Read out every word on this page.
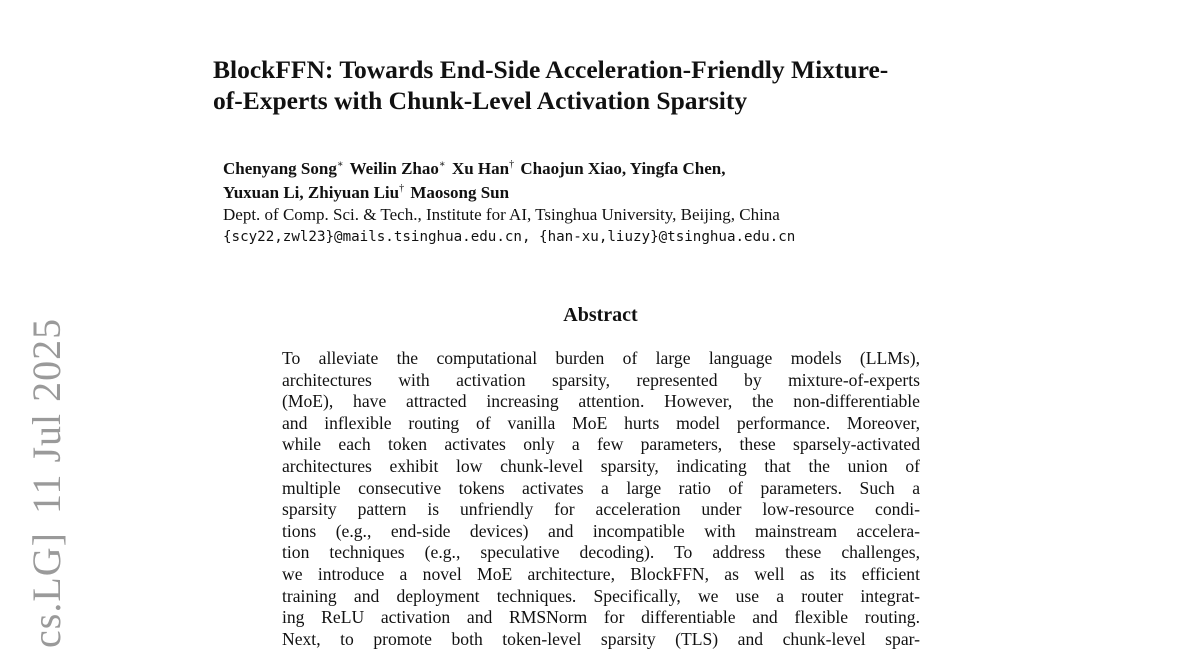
cs.LG]11 Jul 2025
BlockFFN: Towards End-Side Acceleration-Friendly Mixture-
of-Experts with Chunk-Level Activation Sparsity
Chenyang Song∗ Weilin Zhao∗ Xu Han† Chaojun Xiao, Yingfa Chen,
Yuxuan Li, Zhiyuan Liu† Maosong Sun
Dept. of Comp. Sci. & Tech., Institute for AI, Tsinghua University, Beijing, China
{scy22,zwl23}@mails.tsinghua.edu.cn, {han-xu,liuzy}@tsinghua.edu.cn
Abstract
To alleviate the computational burden of large language models (LLMs),
architectures with activation sparsity, represented by mixture-of-experts
(MoE), have attracted increasing attention. However, the non-differentiable
and inflexible routing of vanilla MoE hurts model performance. Moreover,
while each token activates only a few parameters, these sparsely-activated
architectures exhibit low chunk-level sparsity, indicating that the union of
multiple consecutive tokens activates a large ratio of parameters. Such a
sparsity pattern is unfriendly for acceleration under low-resource condi-
tions (e.g., end-side devices) and incompatible with mainstream accelera-
tion techniques (e.g., speculative decoding). To address these challenges,
we introduce a novel MoE architecture, BlockFFN, as well as its efficient
training and deployment techniques. Specifically, we use a router integrat-
ing ReLU activation and RMSNorm for differentiable and flexible routing.
Next, to promote both token-level sparsity (TLS) and chunk-level spar-
